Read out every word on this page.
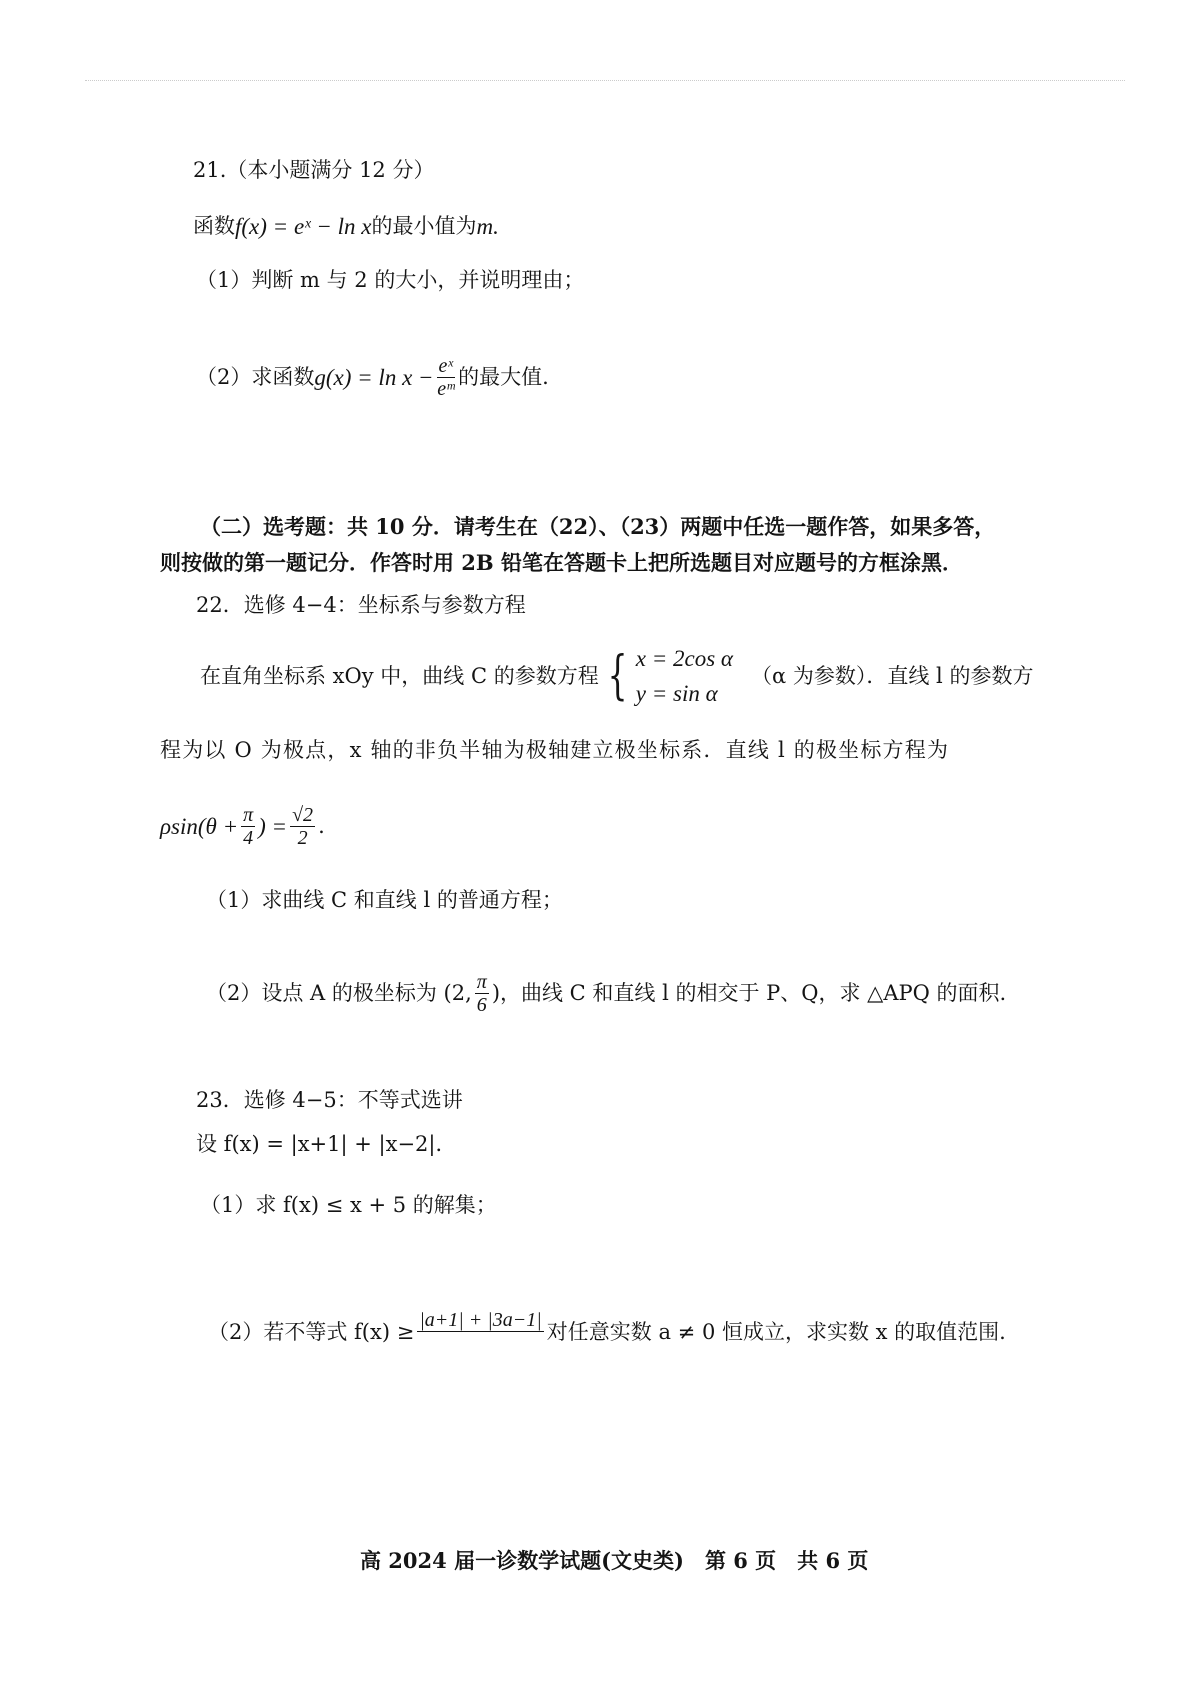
21.（本小题满分 12 分）
函数 f(x) = eˣ − ln x 的最小值为 m.
（1）判断 m 与 2 的大小，并说明理由；
（2）求函数 $g(x) = \ln x - \frac{\text{eˣ}}{\text{eᵐ}}$ 的最大值.
（二）选考题：共 10 分．请考生在（22）、（23）两题中任选一题作答，如果多答，
则按做的第一题记分．作答时用 2B 铅笔在答题卡上把所选题目对应题号的方框涂黑．
22．选修 4−4：坐标系与参数方程
在直角坐标系 xOy 中，曲线 C 的参数方程 { x = 2cos α
y = sin α
（α 为参数）．直线 l 的参数方
程为以 O 为极点，x 轴的非负半轴为极轴建立极坐标系．直线 l 的极坐标方程为
$\rho\sin(\theta + \frac{\pi}{4}$ ) = $\frac{√2}{2}$ .
（1）求曲线 C 和直线 l 的普通方程；
（2）设点 A 的极坐标为 (2, $\frac{\pi}{6}$ )，曲线 C 和直线 l 的相交于 P、Q，求 △APQ 的面积.
23．选修 4−5：不等式选讲
设 f(x) = |x+1| + |x−2|．
（1）求 f(x) ≤ x + 5 的解集；
（2）若不等式 f(x) ≥ |a+1| + |3a−1| 对任意实数 a ≠ 0 恒成立，求实数 x 的取值范围.
高 2024 届一诊数学试题(文史类)　第 6 页　共 6 页
